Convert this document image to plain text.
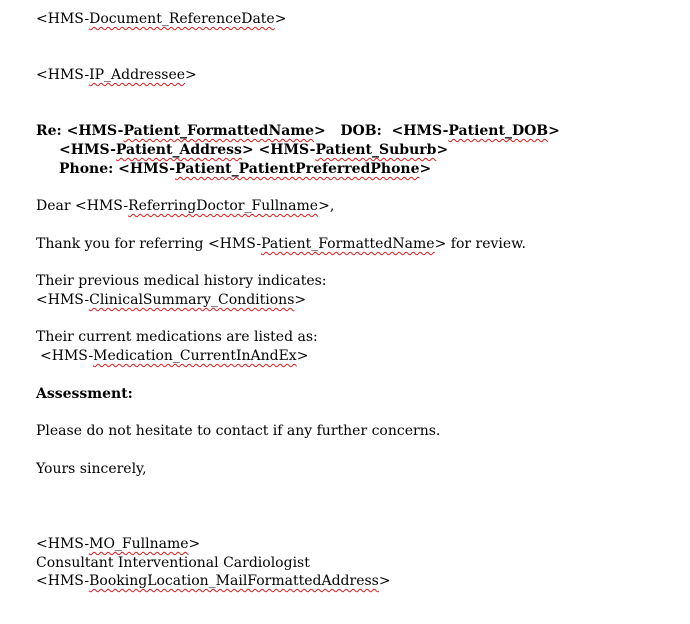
<HMS-Document_ReferenceDate>
<HMS-IP_Addressee>
Re: <HMS-Patient_FormattedName>   DOB:  <HMS-Patient_DOB>
<HMS-Patient_Address> <HMS-Patient_Suburb>
Phone: <HMS-Patient_PatientPreferredPhone>
Dear <HMS-ReferringDoctor_Fullname>,
Thank you for referring <HMS-Patient_FormattedName> for review.
Their previous medical history indicates:
<HMS-ClinicalSummary_Conditions>
Their current medications are listed as:
<HMS-Medication_CurrentInAndEx>
Assessment:
Please do not hesitate to contact if any further concerns.
Yours sincerely,
<HMS-MO_Fullname>
Consultant Interventional Cardiologist
<HMS-BookingLocation_MailFormattedAddress>
